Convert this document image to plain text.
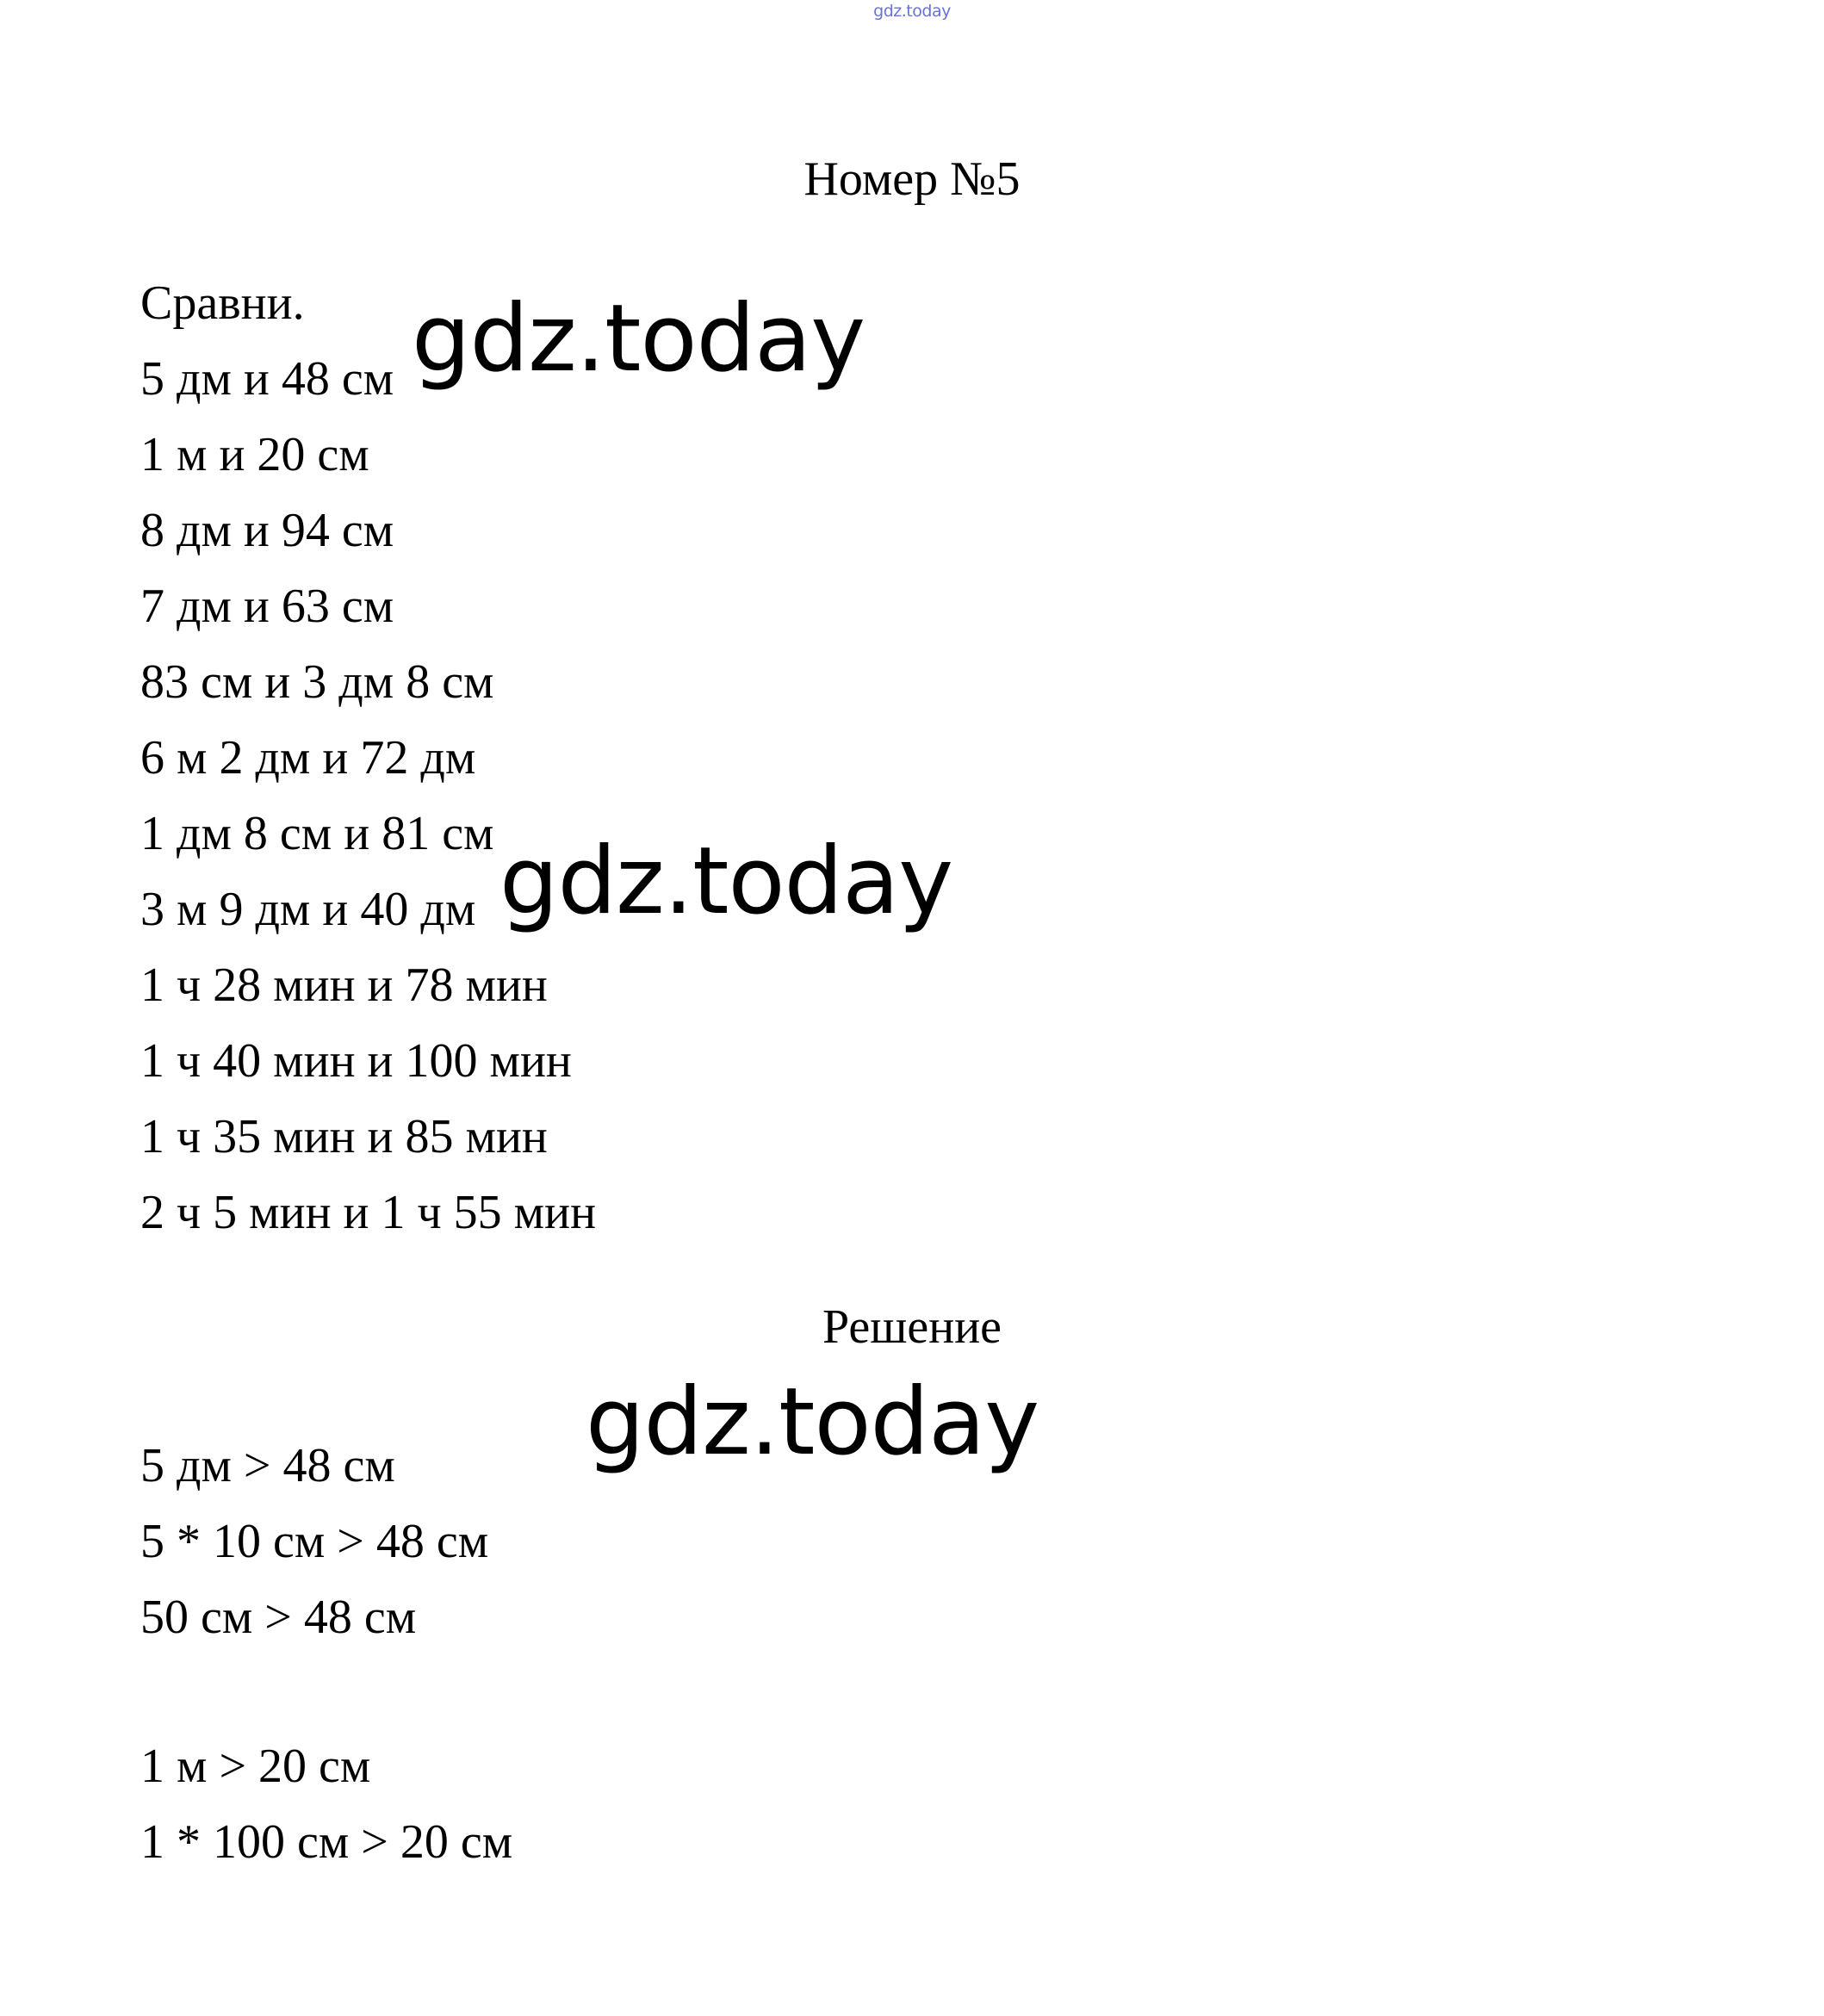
gdz.today
Номер №5
Сравни.
5 дм и 48 см
1 м и 20 см
8 дм и 94 см
7 дм и 63 см
83 см и 3 дм 8 см
6 м 2 дм и 72 дм
1 дм 8 см и 81 см
3 м 9 дм и 40 дм
1 ч 28 мин и 78 мин
1 ч 40 мин и 100 мин
1 ч 35 мин и 85 мин
2 ч 5 мин и 1 ч 55 мин
Решение
5 дм > 48 см
5 * 10 см > 48 см
50 см > 48 см
1 м > 20 см
1 * 100 см > 20 см
gdz.today
gdz.today
gdz.today
